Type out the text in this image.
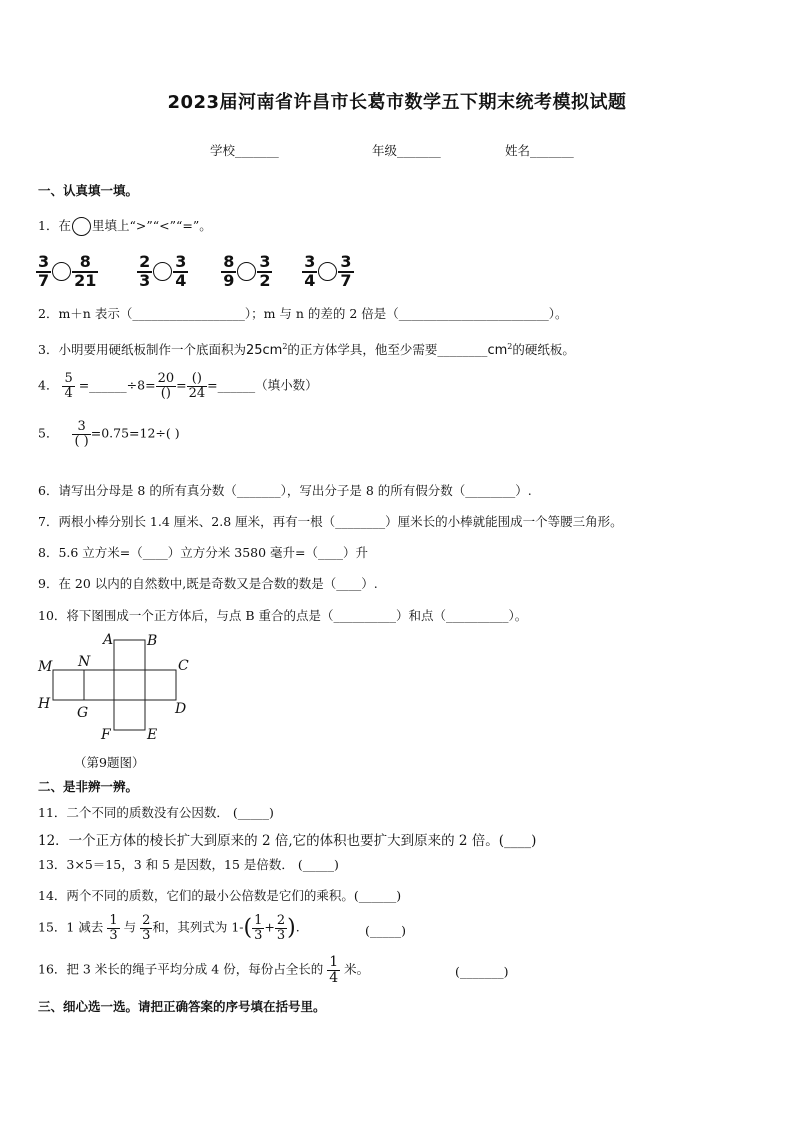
2023届河南省许昌市长葛市数学五下期末统考模拟试题
学校_______	年级_______	姓名_______
一、认真填一填。
1．在 里填上“>”“<”“=”。
$\frac{3}{7} \frac{8}{21}$
$\frac{2}{3} \frac{3}{4}$
$\frac{8}{9} \frac{3}{2}$
$\frac{3}{4} \frac{3}{7}$
2．m＋n 表示（__________________）；m 与 n 的差的 2 倍是（________________________）。
3．小明要用硬纸板制作一个底面积为$25cm^2$的正方体学具，他至少需要$\_\_\_\_\_\_\_\_cm^2$的硬纸板。
4． $\frac{5}{4}$ =______÷8= $\frac{20}{()} = \frac{()}{24}$ =______（填小数）
5． $\frac{3}{( )} =0.75=12\div$( )
6．请写出分母是 8 的所有真分数（_______），写出分子是 8 的所有假分数（________）.
7．两根小棒分别长 1.4 厘米、2.8 厘米，再有一根（________）厘米长的小棒就能围成一个等腰三角形。
8．5.6 立方米=（____）立方分米 3580 毫升=（____）升
9．在 20 以内的自然数中,既是奇数又是合数的数是（____）.
10．将下图围成一个正方体后，与点 B 重合的点是（__________）和点（__________）。
A B
M N	C
H
G	D
F	E
（第9题图）
二、是非辨一辨。
11．二个不同的质数没有公因数． (_____)
12．一个正方体的棱长扩大到原来的 2 倍,它的体积也要扩大到原来的 2 倍。(____)
13．3×5＝15，3 和 5 是因数，15 是倍数． (_____)
14．两个不同的质数，它们的最小公倍数是它们的乘积。(______)
15．1 减去 $\frac{1}{3}$ 与 $\frac{2}{3}$ 和，其列式为 $1-( \frac{1}{3} + \frac{2}{3}$ ).	(_____)
16．把 3 米长的绳子平均分成 4 份，每份占全长的 $\frac{1}{4}$ 米。	(_______)
三、细心选一选。请把正确答案的序号填在括号里。
